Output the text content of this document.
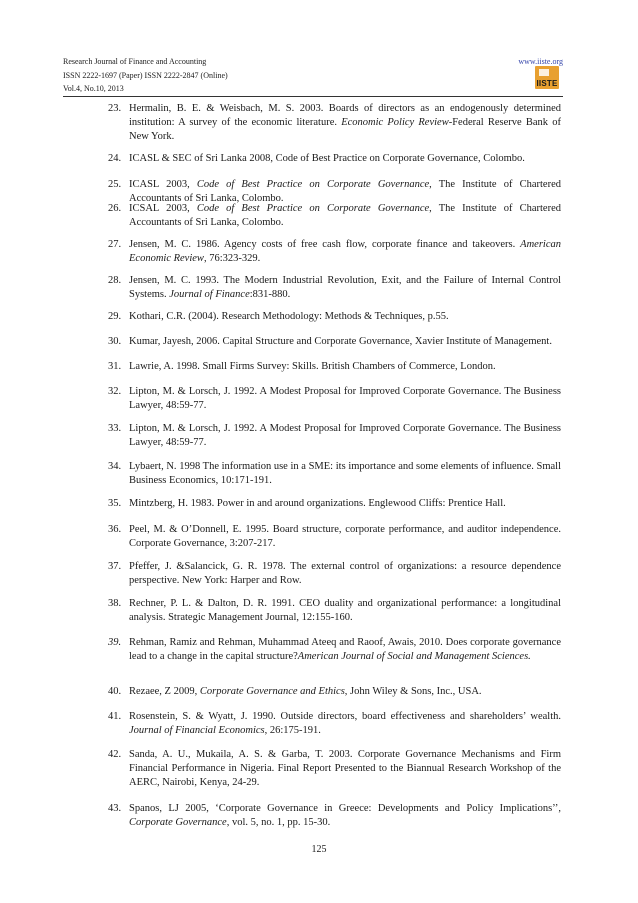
Research Journal of Finance and Accounting
ISSN 2222-1697 (Paper) ISSN 2222-2847 (Online)
Vol.4, No.10, 2013
www.iiste.org
IISTE
23. Hermalin, B. E. & Weisbach, M. S. 2003. Boards of directors as an endogenously determined institution: A survey of the economic literature. Economic Policy Review-Federal Reserve Bank of New York.
24. ICASL & SEC of Sri Lanka 2008, Code of Best Practice on Corporate Governance, Colombo.
25. ICASL 2003, Code of Best Practice on Corporate Governance, The Institute of Chartered Accountants of Sri Lanka, Colombo.
26. ICSAL 2003, Code of Best Practice on Corporate Governance, The Institute of Chartered Accountants of Sri Lanka, Colombo.
27. Jensen, M. C. 1986. Agency costs of free cash flow, corporate finance and takeovers. American Economic Review, 76:323-329.
28. Jensen, M. C. 1993. The Modern Industrial Revolution, Exit, and the Failure of Internal Control Systems. Journal of Finance:831-880.
29. Kothari, C.R. (2004). Research Methodology: Methods & Techniques, p.55.
30. Kumar, Jayesh, 2006. Capital Structure and Corporate Governance, Xavier Institute of Management.
31. Lawrie, A. 1998. Small Firms Survey: Skills. British Chambers of Commerce, London.
32. Lipton, M. & Lorsch, J. 1992. A Modest Proposal for Improved Corporate Governance. The Business Lawyer, 48:59-77.
33. Lipton, M. & Lorsch, J. 1992. A Modest Proposal for Improved Corporate Governance. The Business Lawyer, 48:59-77.
34. Lybaert, N. 1998 The information use in a SME: its importance and some elements of influence. Small Business Economics, 10:171-191.
35. Mintzberg, H. 1983. Power in and around organizations. Englewood Cliffs: Prentice Hall.
36. Peel, M. & O’Donnell, E. 1995. Board structure, corporate performance, and auditor independence. Corporate Governance, 3:207-217.
37. Pfeffer, J. &Salancick, G. R. 1978. The external control of organizations: a resource dependence perspective. New York: Harper and Row.
38. Rechner, P. L. & Dalton, D. R. 1991. CEO duality and organizational performance: a longitudinal analysis. Strategic Management Journal, 12:155-160.
39. Rehman, Ramiz and Rehman, Muhammad Ateeq and Raoof, Awais, 2010. Does corporate governance lead to a change in the capital structure?American Journal of Social and Management Sciences.
40. Rezaee, Z 2009, Corporate Governance and Ethics, John Wiley & Sons, Inc., USA.
41. Rosenstein, S. & Wyatt, J. 1990. Outside directors, board effectiveness and shareholders’ wealth. Journal of Financial Economics, 26:175-191.
42. Sanda, A. U., Mukaila, A. S. & Garba, T. 2003. Corporate Governance Mechanisms and Firm Financial Performance in Nigeria. Final Report Presented to the Biannual Research Workshop of the AERC, Nairobi, Kenya, 24-29.
43. Spanos, LJ 2005, ‘Corporate Governance in Greece: Developments and Policy Implications’’, Corporate Governance, vol. 5, no. 1, pp. 15-30.
125
